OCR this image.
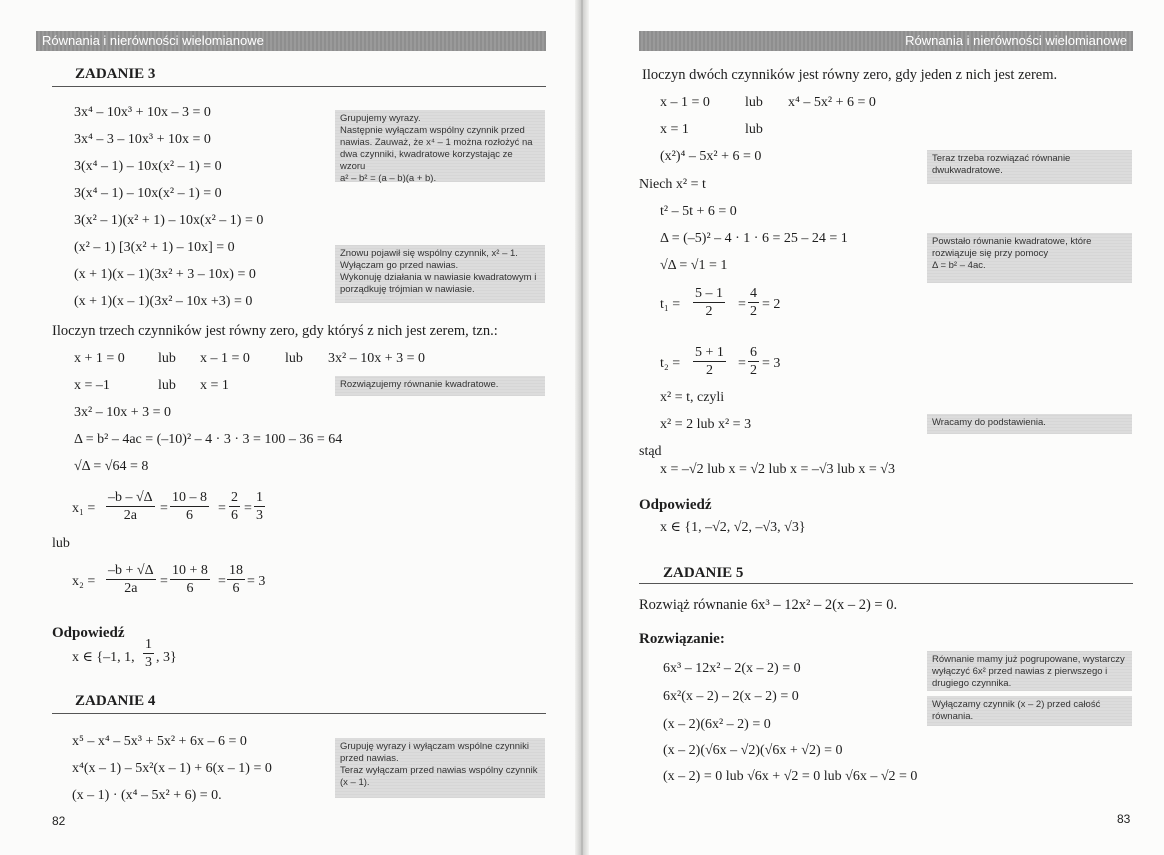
Równania i nierówności wielomianowe
ZADANIE 3
3x⁴ – 10x³ + 10x – 3 = 0
3x⁴ – 3 – 10x³ + 10x = 0
3(x⁴ – 1) – 10x(x² – 1) = 0
3(x⁴ – 1) – 10x(x² – 1) = 0
3(x² – 1)(x² + 1) – 10x(x² – 1) = 0
(x² – 1) [3(x² + 1) – 10x] = 0
(x + 1)(x – 1)(3x² + 3 – 10x) = 0
(x + 1)(x – 1)(3x² – 10x +3) = 0
Grupujemy wyrazy.
Następnie wyłączam wspólny czynnik przed nawias. Zauważ, że x⁴ – 1 można rozłożyć na dwa czynniki, kwadratowe korzystając ze wzoru
a² – b² = (a – b)(a + b).
Znowu pojawił się wspólny czynnik, x² – 1. Wyłączam go przed nawias.
Wykonuję działania w nawiasie kwadratowym i porządkuję trójmian w nawiasie.
Iloczyn trzech czynników jest równy zero, gdy któryś z nich jest zerem, tzn.:
x + 1 = 0 lub x – 1 = 0	lub 3x² – 10x + 3 = 0
x = –1	lub x = 1	Rozwiązujemy równanie kwadratowe.
3x² – 10x + 3 = 0
Δ = b² – 4ac = (–10)² – 4 · 3 · 3 = 100 – 36 = 64
√Δ = √64 = 8
$x_1 = \frac{-b - √\Delta}{2a} = \frac{10 - 8}{6} = \frac{2}{6} = \frac{1}{3}$
lub
$x_2 = \frac{-b + √\Delta}{2a} = \frac{10 + 8}{6} = \frac{18}{6} = 3$
Odpowiedź
x ∈ {–1, 1, $\frac{1}{3}$ , 3}
ZADANIE 4
x⁵ – x⁴ – 5x³ + 5x² + 6x – 6 = 0
x⁴(x – 1) – 5x²(x – 1) + 6(x – 1) = 0
(x – 1) · (x⁴ – 5x² + 6) = 0.
Grupuję wyrazy i wyłączam wspólne czynniki przed nawias.
Teraz wyłączam przed nawias wspólny czynnik (x – 1).
82
Równania i nierówności wielomianowe
Iloczyn dwóch czynników jest równy zero, gdy jeden z nich jest zerem.
x – 1 = 0	lub x⁴ – 5x² + 6 = 0
x = 1	lub
(x²)⁴ – 5x² + 6 = 0	Teraz trzeba rozwiązać równanie dwukwadratowe.
Niech x² = t
t² – 5t + 6 = 0
Δ = (–5)² – 4 · 1 · 6 = 25 – 24 = 1
√Δ = √1 = 1
Powstało równanie kwadratowe, które rozwiązuje się przy pomocy
Δ = b² – 4ac.
$t_1 = \frac{5 - 1}{2} = \frac{4}{2} = 2$
$t_2 = \frac{5 + 1}{2} = \frac{6}{2} = 3$
x² = t, czyli
x² = 2 lub x² = 3	Wracamy do podstawienia.
stąd
x = –√2 lub x = √2 lub x = –√3 lub x = √3
Odpowiedź
x ∈ {1, –√2, √2, –√3, √3}
ZADANIE 5
Rozwiąż równanie 6x³ – 12x² – 2(x – 2) = 0.
Rozwiązanie:
6x³ – 12x² – 2(x – 2) = 0
6x²(x – 2) – 2(x – 2) = 0
(x – 2)(6x² – 2) = 0
(x – 2)(√6x – √2)(√6x + √2) = 0
(x – 2) = 0 lub √6x + √2 = 0 lub √6x – √2 = 0
Równanie mamy już pogrupowane, wystarczy wyłączyć 6x² przed nawias z pierwszego i drugiego czynnika.
Wyłączamy czynnik (x – 2) przed całość równania.
83
